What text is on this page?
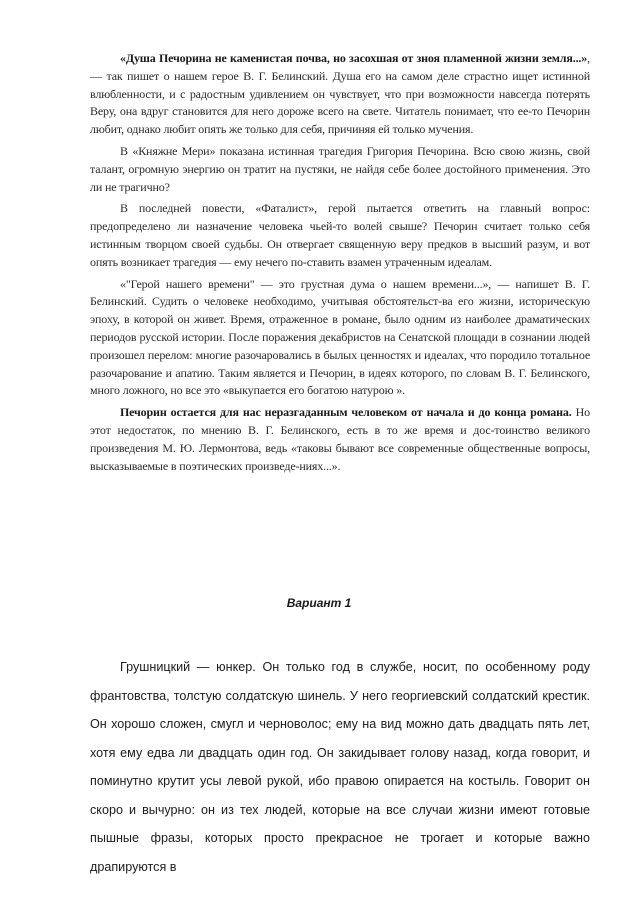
«Душа Печорина не каменистая почва, но засохшая от зноя пламенной жизни земля...», — так пишет о нашем герое В. Г. Белинский. Душа его на самом деле страстно ищет истинной влюбленности, и с радостным удивлением он чувствует, что при возможности навсегда потерять Веру, она вдруг становится для него дороже всего на свете. Читатель понимает, что ее-то Печорин любит, однако любит опять же только для себя, причиняя ей только мучения.

В «Княжне Мери» показана истинная трагедия Григория Печорина. Всю свою жизнь, свой талант, огромную энергию он тратит на пустяки, не найдя себе более достойного применения. Это ли не трагично?

В последней повести, «Фаталист», герой пытается ответить на главный вопрос: предопределено ли назначение человека чьей-то волей свыше? Печорин считает только себя истинным творцом своей судьбы. Он отвергает священную веру предков в высший разум, и вот опять возникает трагедия — ему нечего по-ставить взамен утраченным идеалам.

«"Герой нашего времени" — это грустная дума о нашем времени...», — напишет В. Г. Белинский. Судить о человеке необходимо, учитывая обстоятельст-ва его жизни, историческую эпоху, в которой он живет. Время, отраженное в романе, было одним из наиболее драматических периодов русской истории. После поражения декабристов на Сенатской площади в сознании людей произошел перелом: многие разочаровались в былых ценностях и идеалах, что породило тотальное разочарование и апатию. Таким является и Печорин, в идеях которого, по словам В. Г. Белинского, много ложного, но все это «выкупается его богатою натурою ».

Печорин остается для нас неразгаданным человеком от начала и до конца романа. Но этот недостаток, по мнению В. Г. Белинского, есть в то же время и дос-тоинство великого произведения М. Ю. Лермонтова, ведь «таковы бывают все современные общественные вопросы, высказываемые в поэтических произведе-ниях...».

Вариант 1

Грушницкий — юнкер. Он только год в службе, носит, по особенному роду франтовства, толстую солдатскую шинель. У него георгиевский солдатский крестик. Он хорошо сложен, смугл и черноволос; ему на вид можно дать двадцать пять лет, хотя ему едва ли двадцать один год. Он закидывает голову назад, когда говорит, и поминутно крутит усы левой рукой, ибо правою опирается на костыль. Говорит он скоро и вычурно: он из тех людей, которые на все случаи жизни имеют готовые пышные фразы, которых просто прекрасное не трогает и которые важно драпируются в
